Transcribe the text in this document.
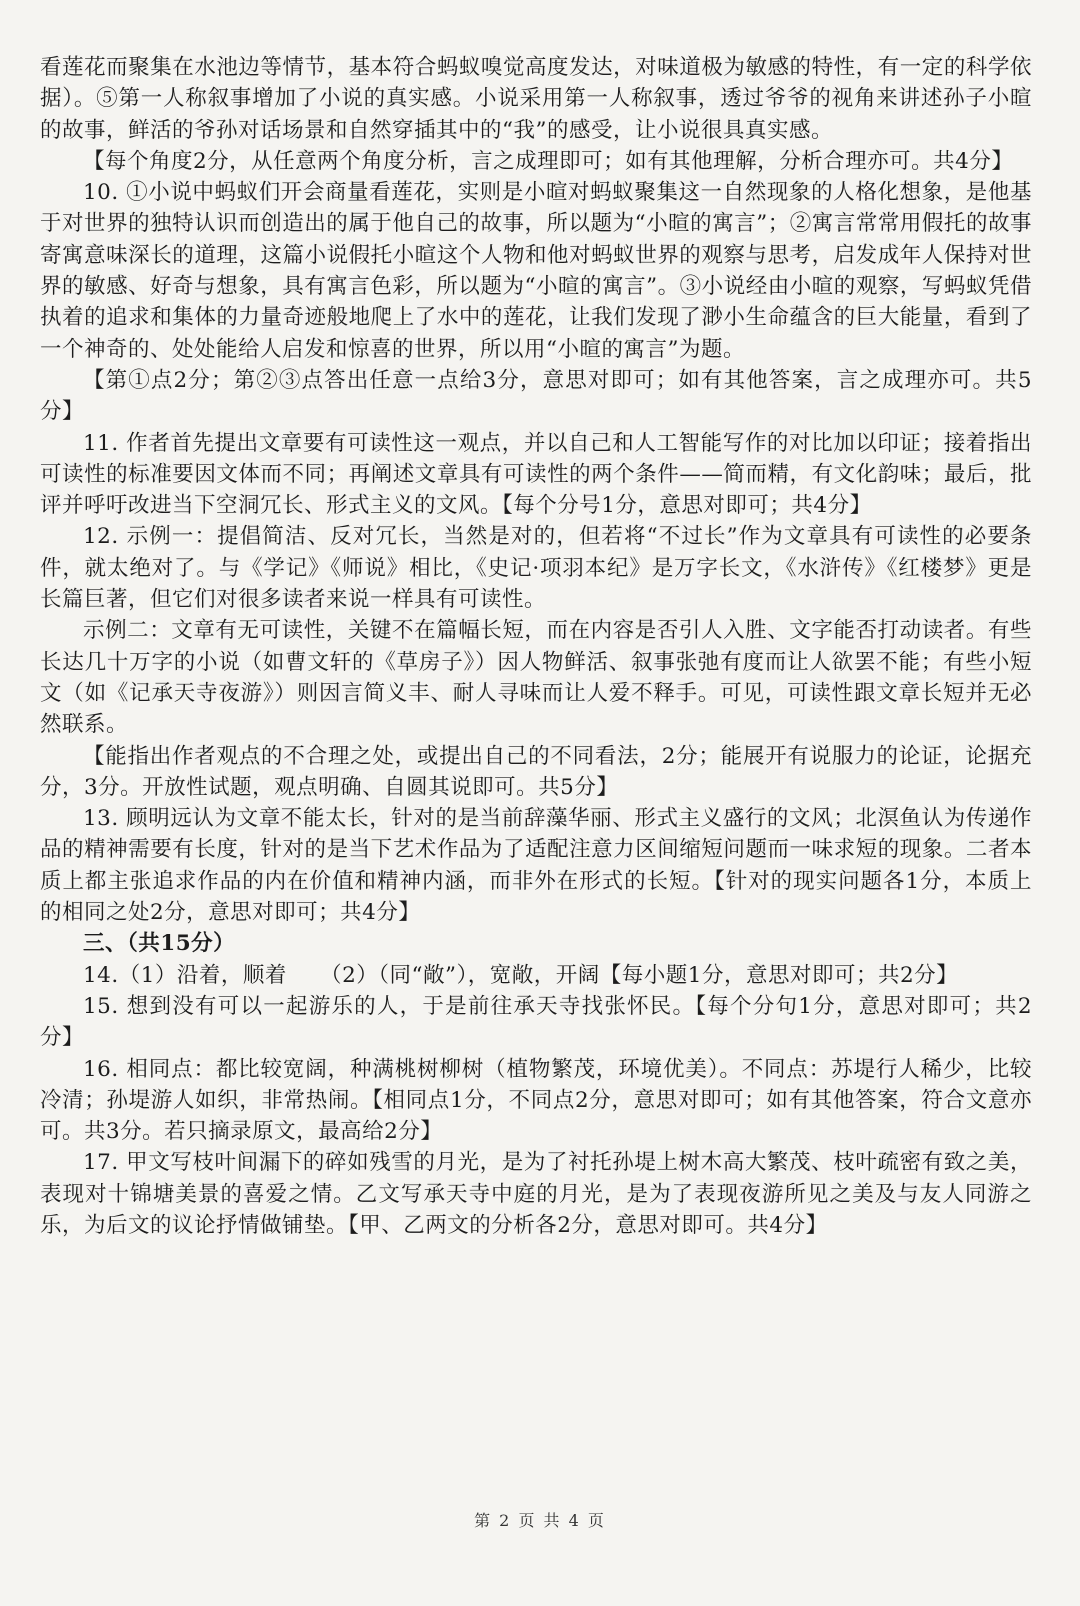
看莲花而聚集在水池边等情节，基本符合蚂蚁嗅觉高度发达，对味道极为敏感的特性，有一定的科学依据）。⑤第一人称叙事增加了小说的真实感。小说采用第一人称叙事，透过爷爷的视角来讲述孙子小暄的故事，鲜活的爷孙对话场景和自然穿插其中的“我”的感受，让小说很具真实感。

【每个角度2分，从任意两个角度分析，言之成理即可；如有其他理解，分析合理亦可。共4分】

10. ①小说中蚂蚁们开会商量看莲花，实则是小暄对蚂蚁聚集这一自然现象的人格化想象，是他基于对世界的独特认识而创造出的属于他自己的故事，所以题为“小暄的寓言”；②寓言常常用假托的故事寄寓意味深长的道理，这篇小说假托小暄这个人物和他对蚂蚁世界的观察与思考，启发成年人保持对世界的敏感、好奇与想象，具有寓言色彩，所以题为“小暄的寓言”。③小说经由小暄的观察，写蚂蚁凭借执着的追求和集体的力量奇迹般地爬上了水中的莲花，让我们发现了渺小生命蕴含的巨大能量，看到了一个神奇的、处处能给人启发和惊喜的世界，所以用“小暄的寓言”为题。

【第①点2分；第②③点答出任意一点给3分，意思对即可；如有其他答案，言之成理亦可。共5分】

11. 作者首先提出文章要有可读性这一观点，并以自己和人工智能写作的对比加以印证；接着指出可读性的标准要因文体而不同；再阐述文章具有可读性的两个条件——简而精，有文化韵味；最后，批评并呼吁改进当下空洞冗长、形式主义的文风。【每个分号1分，意思对即可；共4分】

12. 示例一：提倡简洁、反对冗长，当然是对的，但若将“不过长”作为文章具有可读性的必要条件，就太绝对了。与《学记》《师说》相比，《史记·项羽本纪》是万字长文，《水浒传》《红楼梦》更是长篇巨著，但它们对很多读者来说一样具有可读性。

示例二：文章有无可读性，关键不在篇幅长短，而在内容是否引人入胜、文字能否打动读者。有些长达几十万字的小说（如曹文轩的《草房子》）因人物鲜活、叙事张弛有度而让人欲罢不能；有些小短文（如《记承天寺夜游》）则因言简义丰、耐人寻味而让人爱不释手。可见，可读性跟文章长短并无必然联系。

【能指出作者观点的不合理之处，或提出自己的不同看法，2分；能展开有说服力的论证，论据充分，3分。开放性试题，观点明确、自圆其说即可。共5分】

13. 顾明远认为文章不能太长，针对的是当前辞藻华丽、形式主义盛行的文风；北溟鱼认为传递作品的精神需要有长度，针对的是当下艺术作品为了适配注意力区间缩短问题而一味求短的现象。二者本质上都主张追求作品的内在价值和精神内涵，而非外在形式的长短。【针对的现实问题各1分，本质上的相同之处2分，意思对即可；共4分】

三、（共15分）

14.（1）沿着，顺着　　（2）（同“敞”），宽敞，开阔【每小题1分，意思对即可；共2分】

15. 想到没有可以一起游乐的人，于是前往承天寺找张怀民。【每个分句1分，意思对即可；共2分】

16. 相同点：都比较宽阔，种满桃树柳树（植物繁茂，环境优美）。不同点：苏堤行人稀少，比较冷清；孙堤游人如织，非常热闹。【相同点1分，不同点2分，意思对即可；如有其他答案，符合文意亦可。共3分。若只摘录原文，最高给2分】

17. 甲文写枝叶间漏下的碎如残雪的月光，是为了衬托孙堤上树木高大繁茂、枝叶疏密有致之美，表现对十锦塘美景的喜爱之情。乙文写承天寺中庭的月光，是为了表现夜游所见之美及与友人同游之乐，为后文的议论抒情做铺垫。【甲、乙两文的分析各2分，意思对即可。共4分】

第 2 页 共 4 页
